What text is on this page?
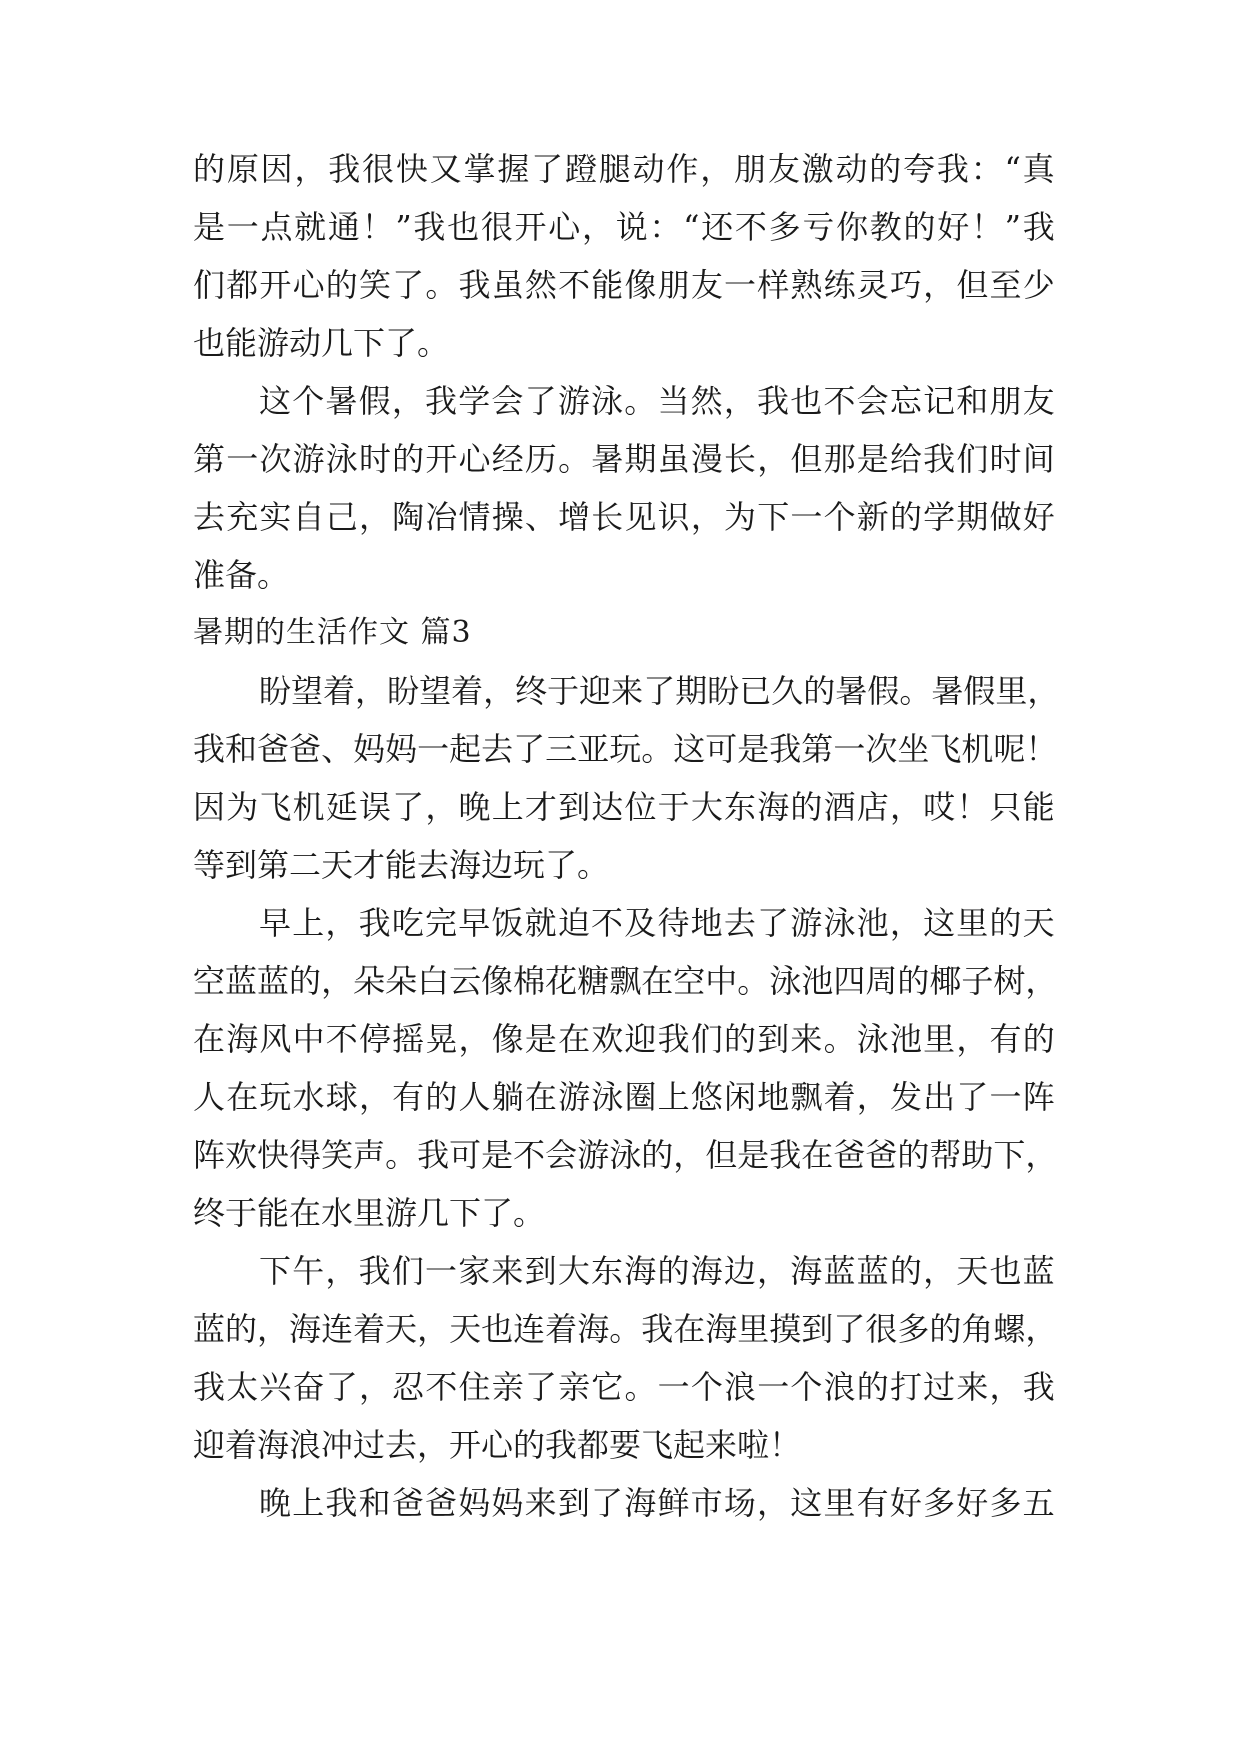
的 原 因 ， 我 很 快 又 掌 握 了 蹬 腿 动 作 ， 朋 友 激 动 的 夸 我 ： “ 真
是 一 点 就 通 ！ ” 我 也 很 开 心 ， 说 ： “ 还 不 多 亏 你 教 的 好 ！ ” 我
们 都 开 心 的 笑 了 。 我 虽 然 不 能 像 朋 友 一 样 熟 练 灵 巧 ， 但 至 少
也能游动几下了。
这 个 暑 假 ， 我 学 会 了 游 泳 。 当 然 ， 我 也 不 会 忘 记 和 朋 友
第 一 次 游 泳 时 的 开 心 经 历 。 暑 期 虽 漫 长 ， 但 那 是 给 我 们 时 间
去 充 实 自 己 ， 陶 冶 情 操 、 增 长 见 识 ， 为 下 一 个 新 的 学 期 做 好
准备。
暑期的生活作文 篇3
盼 望 着 ， 盼 望 着 ， 终 于 迎 来 了 期 盼 已 久 的 暑 假 。 暑 假 里 ，
我 和 爸 爸 、 妈 妈 一 起 去 了 三 亚 玩 。 这 可 是 我 第 一 次 坐 飞 机 呢 ！
因 为 飞 机 延 误 了 ， 晚 上 才 到 达 位 于 大 东 海 的 酒 店 ， 哎 ！ 只 能
等到第二天才能去海边玩了。
早 上 ， 我 吃 完 早 饭 就 迫 不 及 待 地 去 了 游 泳 池 ， 这 里 的 天
空 蓝 蓝 的 ， 朵 朵 白 云 像 棉 花 糖 飘 在 空 中 。 泳 池 四 周 的 椰 子 树 ，
在 海 风 中 不 停 摇 晃 ， 像 是 在 欢 迎 我 们 的 到 来 。 泳 池 里 ， 有 的
人 在 玩 水 球 ， 有 的 人 躺 在 游 泳 圈 上 悠 闲 地 飘 着 ， 发 出 了 一 阵
阵 欢 快 得 笑 声 。 我 可 是 不 会 游 泳 的 ， 但 是 我 在 爸 爸 的 帮 助 下 ，
终于能在水里游几下了。
下 午 ， 我 们 一 家 来 到 大 东 海 的 海 边 ， 海 蓝 蓝 的 ， 天 也 蓝
蓝 的 ， 海 连 着 天 ， 天 也 连 着 海 。 我 在 海 里 摸 到 了 很 多 的 角 螺 ，
我 太 兴 奋 了 ， 忍 不 住 亲 了 亲 它 。 一 个 浪 一 个 浪 的 打 过 来 ， 我
迎着海浪冲过去，开心的我都要飞起来啦！
晚 上 我 和 爸 爸 妈 妈 来 到 了 海 鲜 市 场 ， 这 里 有 好 多 好 多 五
